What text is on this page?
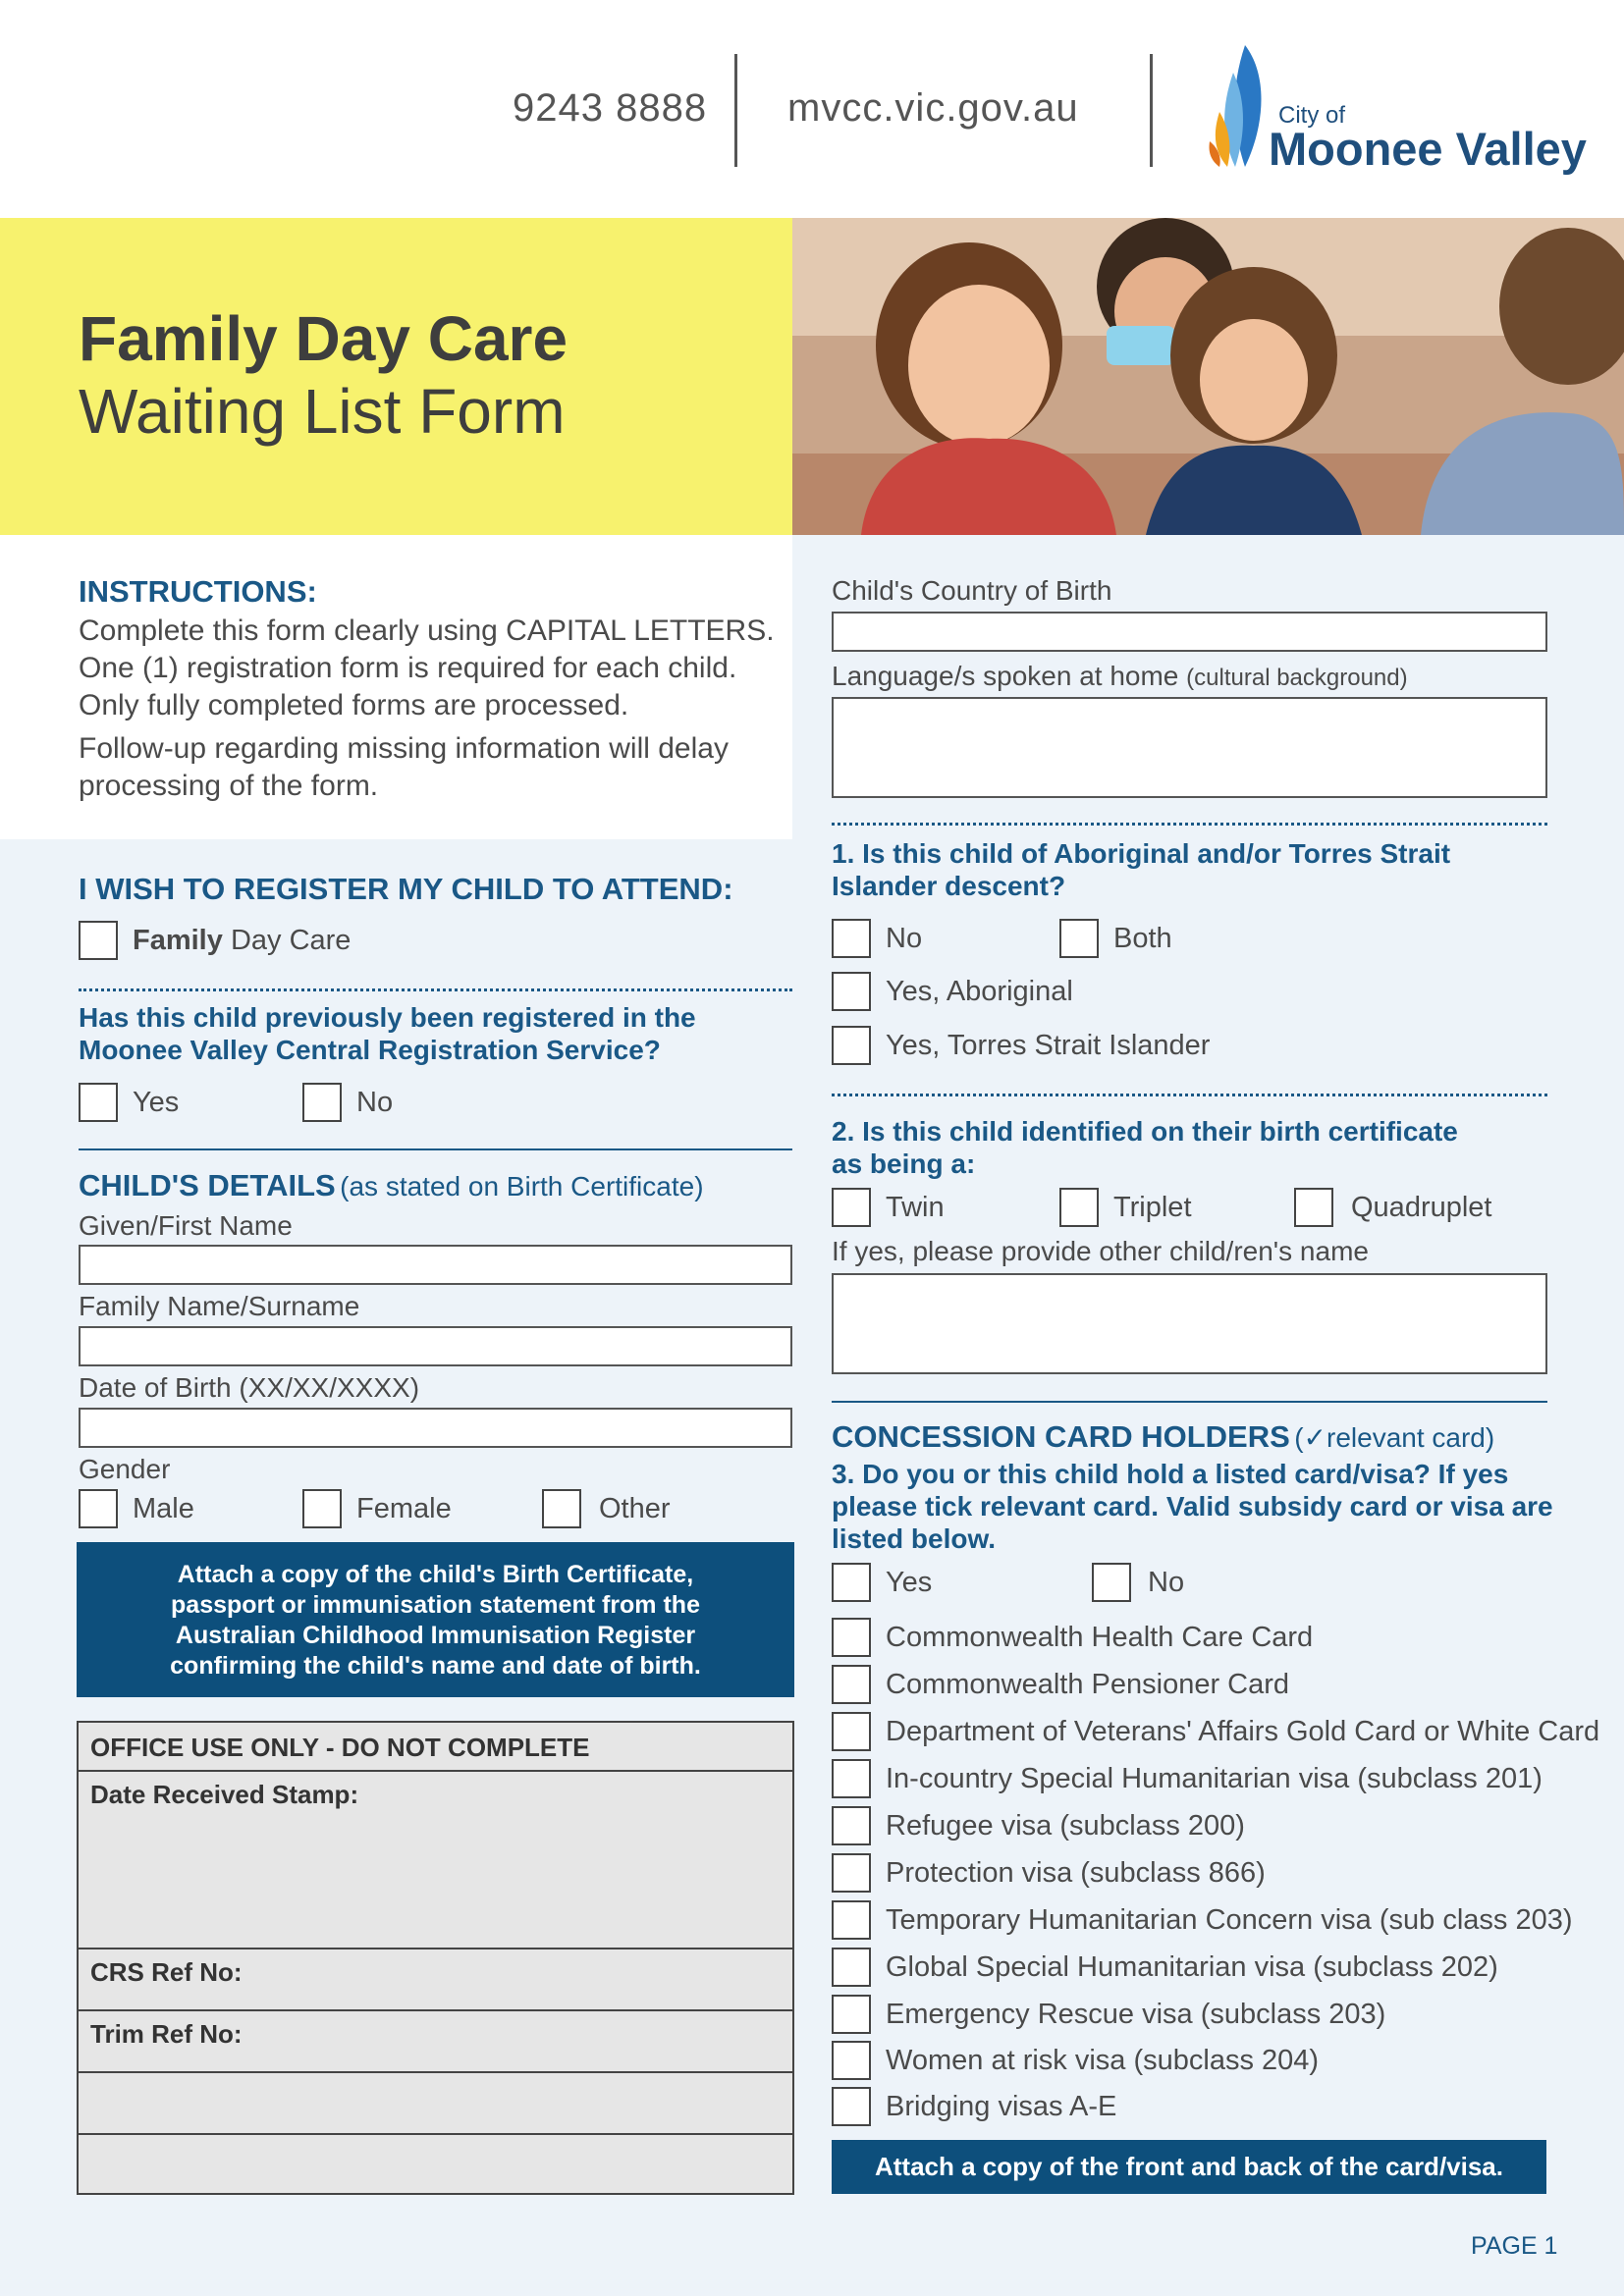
9243 8888 mvcc.vic.gov.au	City of
Moonee Valley
Family Day Care
Waiting List Form
INSTRUCTIONS:
Complete this form clearly using CAPITAL LETTERS.
One (1) registration form is required for each child.
Only fully completed forms are processed.
Follow-up regarding missing information will delay
processing of the form.
I WISH TO REGISTER MY CHILD TO ATTEND:
Family Day Care
Has this child previously been registered in the
Moonee Valley Central Registration Service?
Yes	No
CHILD'S DETAILS (as stated on Birth Certificate)
Given/First Name
Family Name/Surname
Date of Birth (XX/XX/XXXX)
Gender
Male	Female	Other
Attach a copy of the child's Birth Certificate,
passport or immunisation statement from the
Australian Childhood Immunisation Register
confirming the child's name and date of birth.
OFFICE USE ONLY - DO NOT COMPLETE
Date Received Stamp:
CRS Ref No:
Trim Ref No:
Child's Country of Birth
Language/s spoken at home (cultural background)
1. Is this child of Aboriginal and/or Torres Strait
Islander descent?
No	Both
Yes, Aboriginal
Yes, Torres Strait Islander
2. Is this child identified on their birth certificate
as being a:
Twin	Triplet	Quadruplet
If yes, please provide other child/ren's name
CONCESSION CARD HOLDERS (✓relevant card)
3. Do you or this child hold a listed card/visa? If yes
please tick relevant card. Valid subsidy card or visa are
listed below.
Yes	No
Commonwealth Health Care Card
Commonwealth Pensioner Card
Department of Veterans' Affairs Gold Card or White Card
In-country Special Humanitarian visa (subclass 201)
Refugee visa (subclass 200)
Protection visa (subclass 866)
Temporary Humanitarian Concern visa (sub class 203)
Global Special Humanitarian visa (subclass 202)
Emergency Rescue visa (subclass 203)
Women at risk visa (subclass 204)
Bridging visas A-E
Attach a copy of the front and back of the card/visa.
PAGE 1
